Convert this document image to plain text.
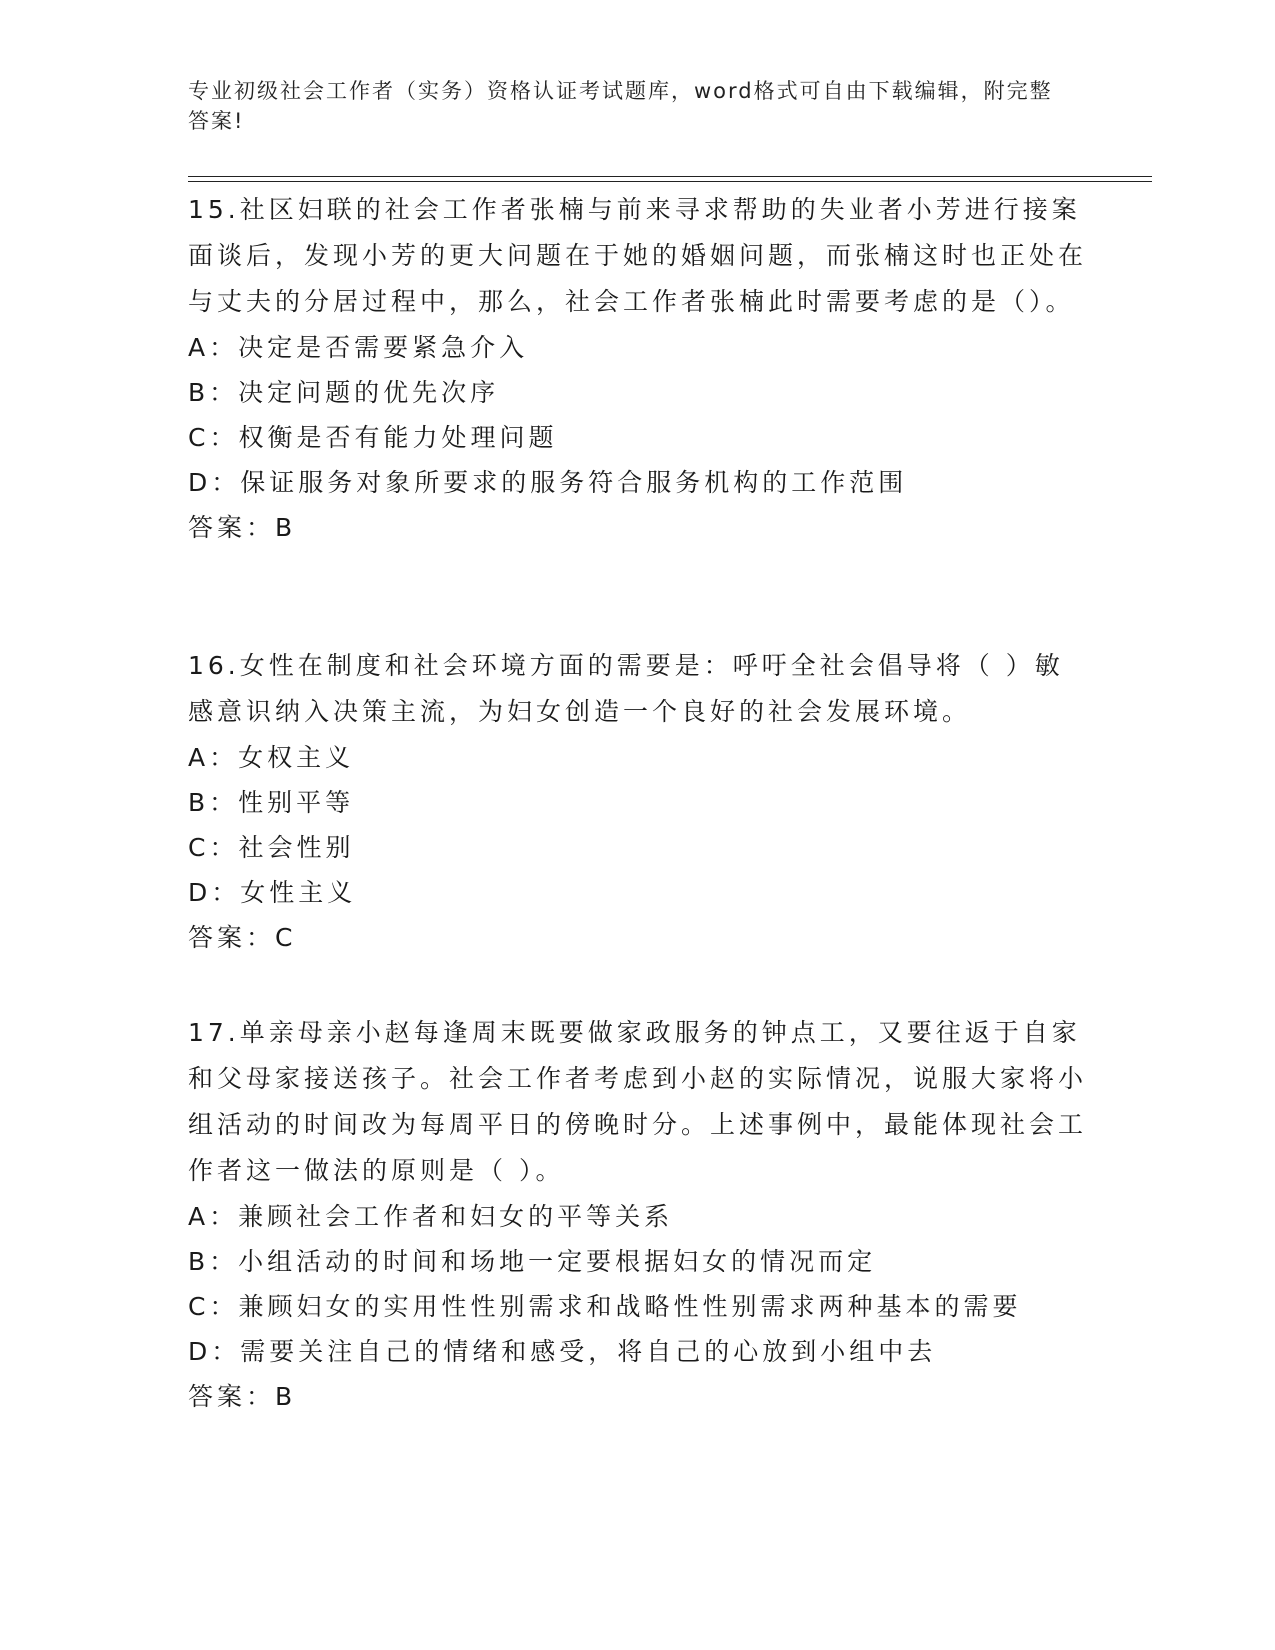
专业初级社会工作者（实务）资格认证考试题库，word格式可自由下载编辑，附完整答案!
15.社区妇联的社会工作者张楠与前来寻求帮助的失业者小芳进行接案面谈后，发现小芳的更大问题在于她的婚姻问题，而张楠这时也正处在与丈夫的分居过程中，那么，社会工作者张楠此时需要考虑的是（）。
A：决定是否需要紧急介入
B：决定问题的优先次序
C：权衡是否有能力处理问题
D：保证服务对象所要求的服务符合服务机构的工作范围
答案：B
16.女性在制度和社会环境方面的需要是：呼吁全社会倡导将（ ）敏感意识纳入决策主流，为妇女创造一个良好的社会发展环境。
A：女权主义
B：性别平等
C：社会性别
D：女性主义
答案：C
17.单亲母亲小赵每逢周末既要做家政服务的钟点工，又要往返于自家和父母家接送孩子。社会工作者考虑到小赵的实际情况，说服大家将小组活动的时间改为每周平日的傍晚时分。上述事例中，最能体现社会工作者这一做法的原则是（ ）。
A：兼顾社会工作者和妇女的平等关系
B：小组活动的时间和场地一定要根据妇女的情况而定
C：兼顾妇女的实用性性别需求和战略性性别需求两种基本的需要
D：需要关注自己的情绪和感受，将自己的心放到小组中去
答案：B
